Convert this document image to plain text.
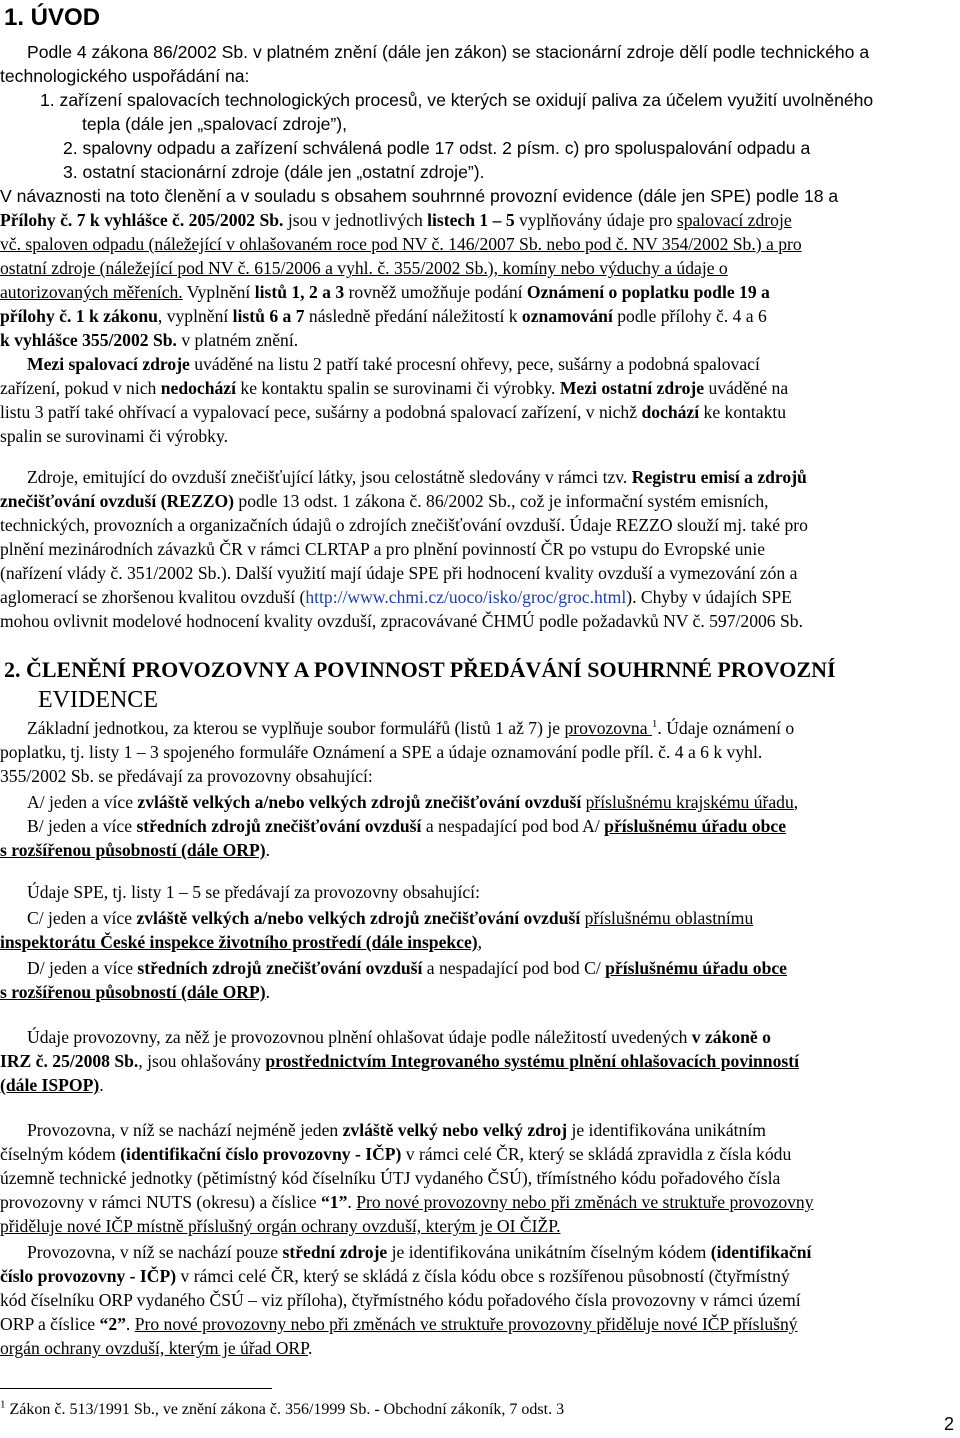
1. ÚVOD
Podle 4 zákona 86/2002 Sb. v platném znění (dále jen zákon) se stacionární zdroje dělí podle technického a
technologického uspořádání na:
1. zařízení spalovacích technologických procesů, ve kterých se oxidují paliva za účelem využití uvolněného
tepla (dále jen „spalovací zdroje”),
2. spalovny odpadu a zařízení schválená podle 17 odst. 2 písm. c) pro spoluspalování odpadu a
3. ostatní stacionární zdroje (dále jen „ostatní zdroje”).
V návaznosti na toto členění a v souladu s obsahem souhrnné provozní evidence (dále jen SPE) podle 18 a
Přílohy č. 7 k vyhlášce č. 205/2002 Sb. jsou v jednotlivých listech 1 – 5 vyplňovány údaje pro spalovací zdroje
vč. spaloven odpadu (náležející v ohlašovaném roce pod NV č. 146/2007 Sb. nebo pod č. NV 354/2002 Sb.) a pro
ostatní zdroje (náležející pod NV č. 615/2006 a vyhl. č. 355/2002 Sb.), komíny nebo výduchy a údaje o
autorizovaných měřeních. Vyplnění listů 1, 2 a 3 rovněž umožňuje podání Oznámení o poplatku podle 19 a
přílohy č. 1 k zákonu, vyplnění listů 6 a 7 následně předání náležitostí k oznamování podle přílohy č. 4 a 6
k vyhlášce 355/2002 Sb. v platném znění.
Mezi spalovací zdroje uváděné na listu 2 patří také procesní ohřevy, pece, sušárny a podobná spalovací
zařízení, pokud v nich nedochází ke kontaktu spalin se surovinami či výrobky. Mezi ostatní zdroje uváděné na
listu 3 patří také ohřívací a vypalovací pece, sušárny a podobná spalovací zařízení, v nichž dochází ke kontaktu
spalin se surovinami či výrobky.
Zdroje, emitující do ovzduší znečišťující látky, jsou celostátně sledovány v rámci tzv. Registru emisí a zdrojů
znečišťování ovzduší (REZZO) podle 13 odst. 1 zákona č. 86/2002 Sb., což je informační systém emisních,
technických, provozních a organizačních údajů o zdrojích znečišťování ovzduší. Údaje REZZO slouží mj. také pro
plnění mezinárodních závazků ČR v rámci CLRTAP a pro plnění povinností ČR po vstupu do Evropské unie
(nařízení vlády č. 351/2002 Sb.). Další využití mají údaje SPE při hodnocení kvality ovzduší a vymezování zón a
aglomerací se zhoršenou kvalitou ovzduší (http://www.chmi.cz/uoco/isko/groc/groc.html). Chyby v údajích SPE
mohou ovlivnit modelové hodnocení kvality ovzduší, zpracovávané ČHMÚ podle požadavků NV č. 597/2006 Sb.
2. ČLENĚNÍ PROVOZOVNY A POVINNOST PŘEDÁVÁNÍ SOUHRNNÉ PROVOZNÍ
EVIDENCE
Základní jednotkou, za kterou se vyplňuje soubor formulářů (listů 1 až 7) je provozovna $^1$. Údaje oznámení o
poplatku, tj. listy 1 – 3 spojeného formuláře Oznámení a SPE a údaje oznamování podle příl. č. 4 a 6 k vyhl.
355/2002 Sb. se předávají za provozovny obsahující:
A/ jeden a více zvláště velkých a/nebo velkých zdrojů znečišťování ovzduší příslušnému krajskému úřadu,
B/ jeden a více středních zdrojů znečišťování ovzduší a nespadající pod bod A/ příslušnému úřadu obce
s rozšířenou působností (dále ORP).
Údaje SPE, tj. listy 1 – 5 se předávají za provozovny obsahující:
C/ jeden a více zvláště velkých a/nebo velkých zdrojů znečišťování ovzduší příslušnému oblastnímu
inspektorátu České inspekce životního prostředí (dále inspekce),
D/ jeden a více středních zdrojů znečišťování ovzduší a nespadající pod bod C/ příslušnému úřadu obce
s rozšířenou působností (dále ORP).
Údaje provozovny, za něž je provozovnou plnění ohlašovat údaje podle náležitostí uvedených v zákoně o
IRZ č. 25/2008 Sb., jsou ohlašovány prostřednictvím Integrovaného systému plnění ohlašovacích povinností
(dále ISPOP).
Provozovna, v níž se nachází nejméně jeden zvláště velký nebo velký zdroj je identifikována unikátním
číselným kódem (identifikační číslo provozovny - IČP) v rámci celé ČR, který se skládá zpravidla z čísla kódu
územně technické jednotky (pětimístný kód číselníku ÚTJ vydaného ČSÚ), třímístného kódu pořadového čísla
provozovny v rámci NUTS (okresu) a číslice “1”. Pro nové provozovny nebo při změnách ve struktuře provozovny
přiděluje nové IČP místně příslušný orgán ochrany ovzduší, kterým je OI ČIŽP.
Provozovna, v níž se nachází pouze střední zdroje je identifikována unikátním číselným kódem (identifikační
číslo provozovny - IČP) v rámci celé ČR, který se skládá z čísla kódu obce s rozšířenou působností (čtyřmístný
kód číselníku ORP vydaného ČSÚ – viz příloha), čtyřmístného kódu pořadového čísla provozovny v rámci území
ORP a číslice “2”. Pro nové provozovny nebo při změnách ve struktuře provozovny přiděluje nové IČP příslušný
orgán ochrany ovzduší, kterým je úřad ORP.
$^1$ Zákon č. 513/1991 Sb., ve znění zákona č. 356/1999 Sb. - Obchodní zákoník, 7 odst. 3
2
